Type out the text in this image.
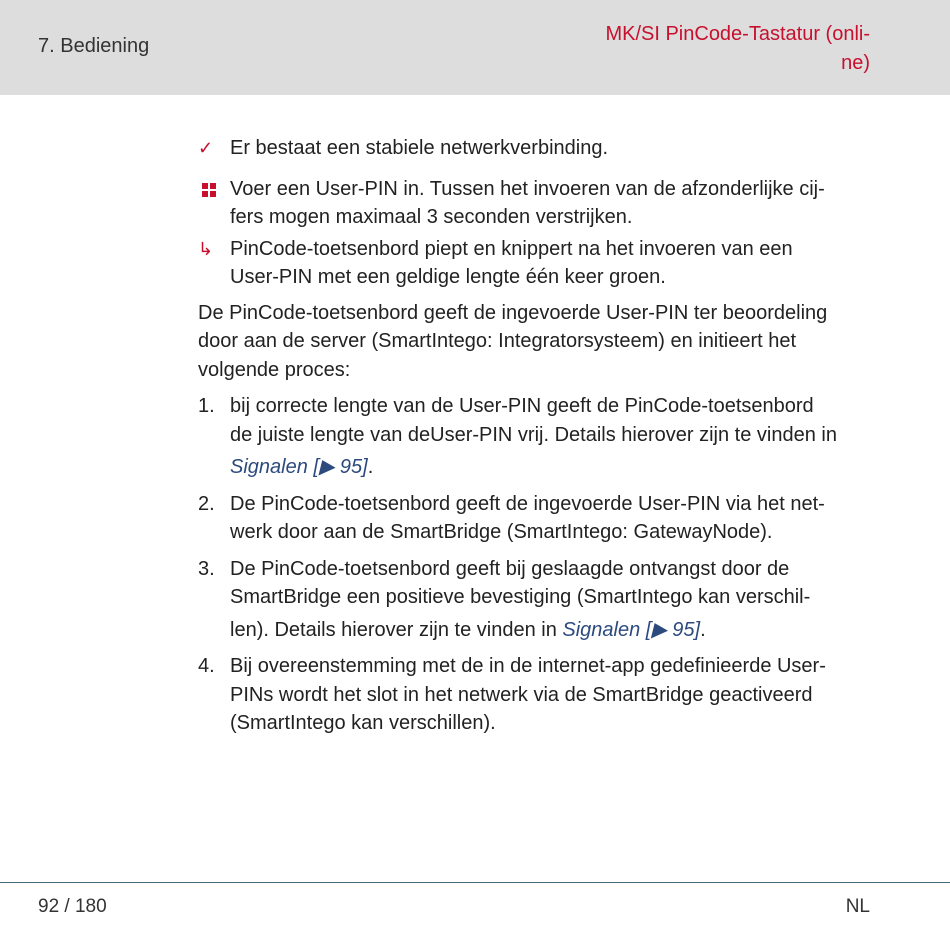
7. Bediening
MK/SI PinCode-Tastatur (onli-
ne)
✓ Er bestaat een stabiele netwerkverbinding.
Voer een User-PIN in. Tussen het invoeren van de afzonderlijke cij-
fers mogen maximaal 3 seconden verstrijken.
↳ PinCode-toetsenbord piept en knippert na het invoeren van een
User-PIN met een geldige lengte één keer groen.
De PinCode-toetsenbord geeft de ingevoerde User-PIN ter beoordeling
door aan de server (SmartIntego: Integratorsysteem) en initieert het
volgende proces:
1. bij correcte lengte van de User-PIN geeft de PinCode-toetsenbord
de juiste lengte van deUser-PIN vrij. Details hierover zijn te vinden in
Signalen [▶ 95].
2. De PinCode-toetsenbord geeft de ingevoerde User-PIN via het net-
werk door aan de SmartBridge (SmartIntego: GatewayNode).
3. De PinCode-toetsenbord geeft bij geslaagde ontvangst door de
SmartBridge een positieve bevestiging (SmartIntego kan verschil-
len). Details hierover zijn te vinden in Signalen [▶ 95].
4. Bij overeenstemming met de in de internet-app gedefinieerde User-
PINs wordt het slot in het netwerk via de SmartBridge geactiveerd
(SmartIntego kan verschillen).
92 / 180	NL
